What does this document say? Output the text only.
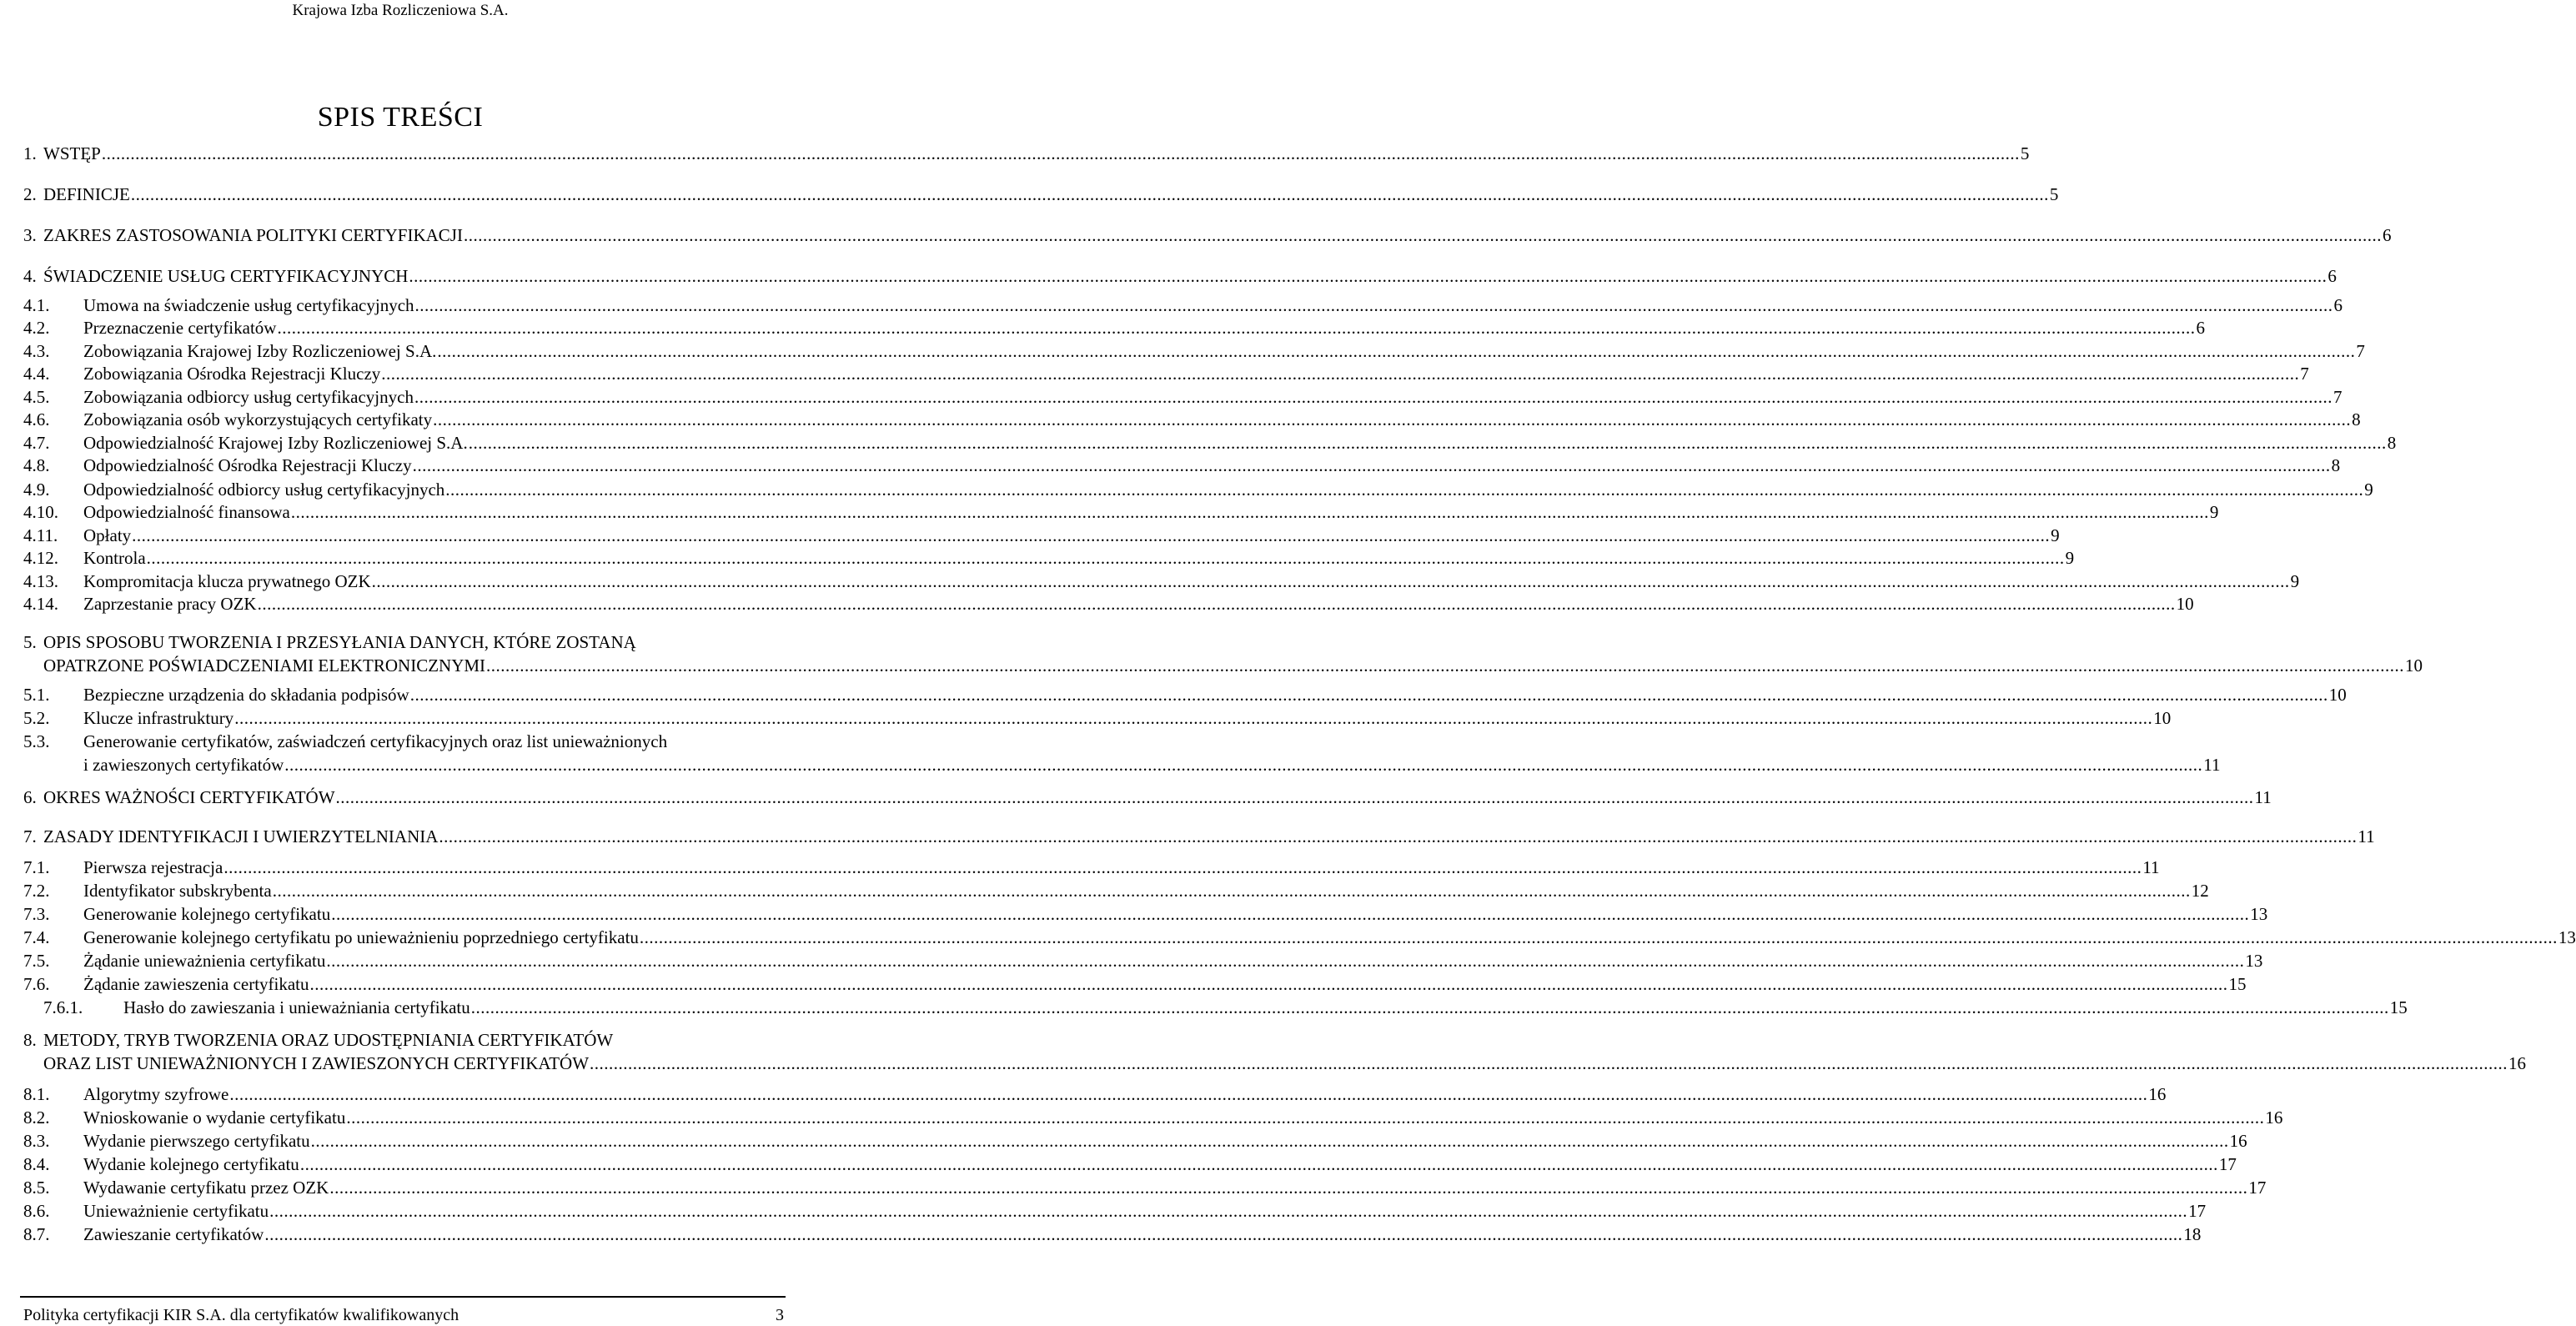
Krajowa Izba Rozliczeniowa S.A.
SPIS TREŚCI
1. WSTĘP ................................................................................................................................................................................................................................................................................................................................................................................................................ 5
2. DEFINICJE ................................................................................................................................................................................................................................................................................................................................................................................................................ 5
3. ZAKRES ZASTOSOWANIA POLITYKI CERTYFIKACJI ................................................................................................................................................................................................................................................................................................................................................................................................................ 6
4. ŚWIADCZENIE USŁUG CERTYFIKACYJNYCH ................................................................................................................................................................................................................................................................................................................................................................................................................ 6
4.1. Umowa na świadczenie usług certyfikacyjnych ................................................................................................................................................................................................................................................................................................................................................................................................................ 6
4.2. Przeznaczenie certyfikatów ................................................................................................................................................................................................................................................................................................................................................................................................................ 6
4.3. Zobowiązania Krajowej Izby Rozliczeniowej S.A. ................................................................................................................................................................................................................................................................................................................................................................................................................ 7
4.4. Zobowiązania Ośrodka Rejestracji Kluczy ................................................................................................................................................................................................................................................................................................................................................................................................................ 7
4.5. Zobowiązania odbiorcy usług certyfikacyjnych ................................................................................................................................................................................................................................................................................................................................................................................................................ 7
4.6. Zobowiązania osób wykorzystujących certyfikaty ................................................................................................................................................................................................................................................................................................................................................................................................................ 8
4.7. Odpowiedzialność Krajowej Izby Rozliczeniowej S.A. ................................................................................................................................................................................................................................................................................................................................................................................................................ 8
4.8. Odpowiedzialność Ośrodka Rejestracji Kluczy ................................................................................................................................................................................................................................................................................................................................................................................................................ 8
4.9. Odpowiedzialność odbiorcy usług certyfikacyjnych ................................................................................................................................................................................................................................................................................................................................................................................................................ 9
4.10. Odpowiedzialność finansowa ................................................................................................................................................................................................................................................................................................................................................................................................................ 9
4.11. Opłaty ................................................................................................................................................................................................................................................................................................................................................................................................................ 9
4.12. Kontrola ................................................................................................................................................................................................................................................................................................................................................................................................................ 9
4.13. Kompromitacja klucza prywatnego OZK ................................................................................................................................................................................................................................................................................................................................................................................................................ 9
4.14. Zaprzestanie pracy OZK ................................................................................................................................................................................................................................................................................................................................................................................................................ 10
5. OPIS SPOSOBU TWORZENIA I PRZESYŁANIA DANYCH, KTÓRE ZOSTANĄ
OPATRZONE POŚWIADCZENIAMI ELEKTRONICZNYMI ................................................................................................................................................................................................................................................................................................................................................................................................................ 10
5.1. Bezpieczne urządzenia do składania podpisów ................................................................................................................................................................................................................................................................................................................................................................................................................ 10
5.2. Klucze infrastruktury ................................................................................................................................................................................................................................................................................................................................................................................................................ 10
5.3. Generowanie certyfikatów, zaświadczeń certyfikacyjnych oraz list unieważnionych
i zawieszonych certyfikatów ................................................................................................................................................................................................................................................................................................................................................................................................................ 11
6. OKRES WAŻNOŚCI CERTYFIKATÓW ................................................................................................................................................................................................................................................................................................................................................................................................................ 11
7. ZASADY IDENTYFIKACJI I UWIERZYTELNIANIA ................................................................................................................................................................................................................................................................................................................................................................................................................ 11
7.1. Pierwsza rejestracja ................................................................................................................................................................................................................................................................................................................................................................................................................ 11
7.2. Identyfikator subskrybenta ................................................................................................................................................................................................................................................................................................................................................................................................................ 12
7.3. Generowanie kolejnego certyfikatu ................................................................................................................................................................................................................................................................................................................................................................................................................ 13
7.4. Generowanie kolejnego certyfikatu po unieważnieniu poprzedniego certyfikatu ................................................................................................................................................................................................................................................................................................................................................................................................................ 13
7.5. Żądanie unieważnienia certyfikatu ................................................................................................................................................................................................................................................................................................................................................................................................................ 13
7.6. Żądanie zawieszenia certyfikatu ................................................................................................................................................................................................................................................................................................................................................................................................................ 15
7.6.1. Hasło do zawieszania i unieważniania certyfikatu ................................................................................................................................................................................................................................................................................................................................................................................................................ 15
8. METODY, TRYB TWORZENIA ORAZ UDOSTĘPNIANIA CERTYFIKATÓW
ORAZ LIST UNIEWAŻNIONYCH I ZAWIESZONYCH CERTYFIKATÓW ................................................................................................................................................................................................................................................................................................................................................................................................................ 16
8.1. Algorytmy szyfrowe ................................................................................................................................................................................................................................................................................................................................................................................................................ 16
8.2. Wnioskowanie o wydanie certyfikatu ................................................................................................................................................................................................................................................................................................................................................................................................................ 16
8.3. Wydanie pierwszego certyfikatu ................................................................................................................................................................................................................................................................................................................................................................................................................ 16
8.4. Wydanie kolejnego certyfikatu ................................................................................................................................................................................................................................................................................................................................................................................................................ 17
8.5. Wydawanie certyfikatu przez OZK ................................................................................................................................................................................................................................................................................................................................................................................................................ 17
8.6. Unieważnienie certyfikatu ................................................................................................................................................................................................................................................................................................................................................................................................................ 17
8.7. Zawieszanie certyfikatów ................................................................................................................................................................................................................................................................................................................................................................................................................ 18
Polityka certyfikacji KIR S.A. dla certyfikatów kwalifikowanych	3
